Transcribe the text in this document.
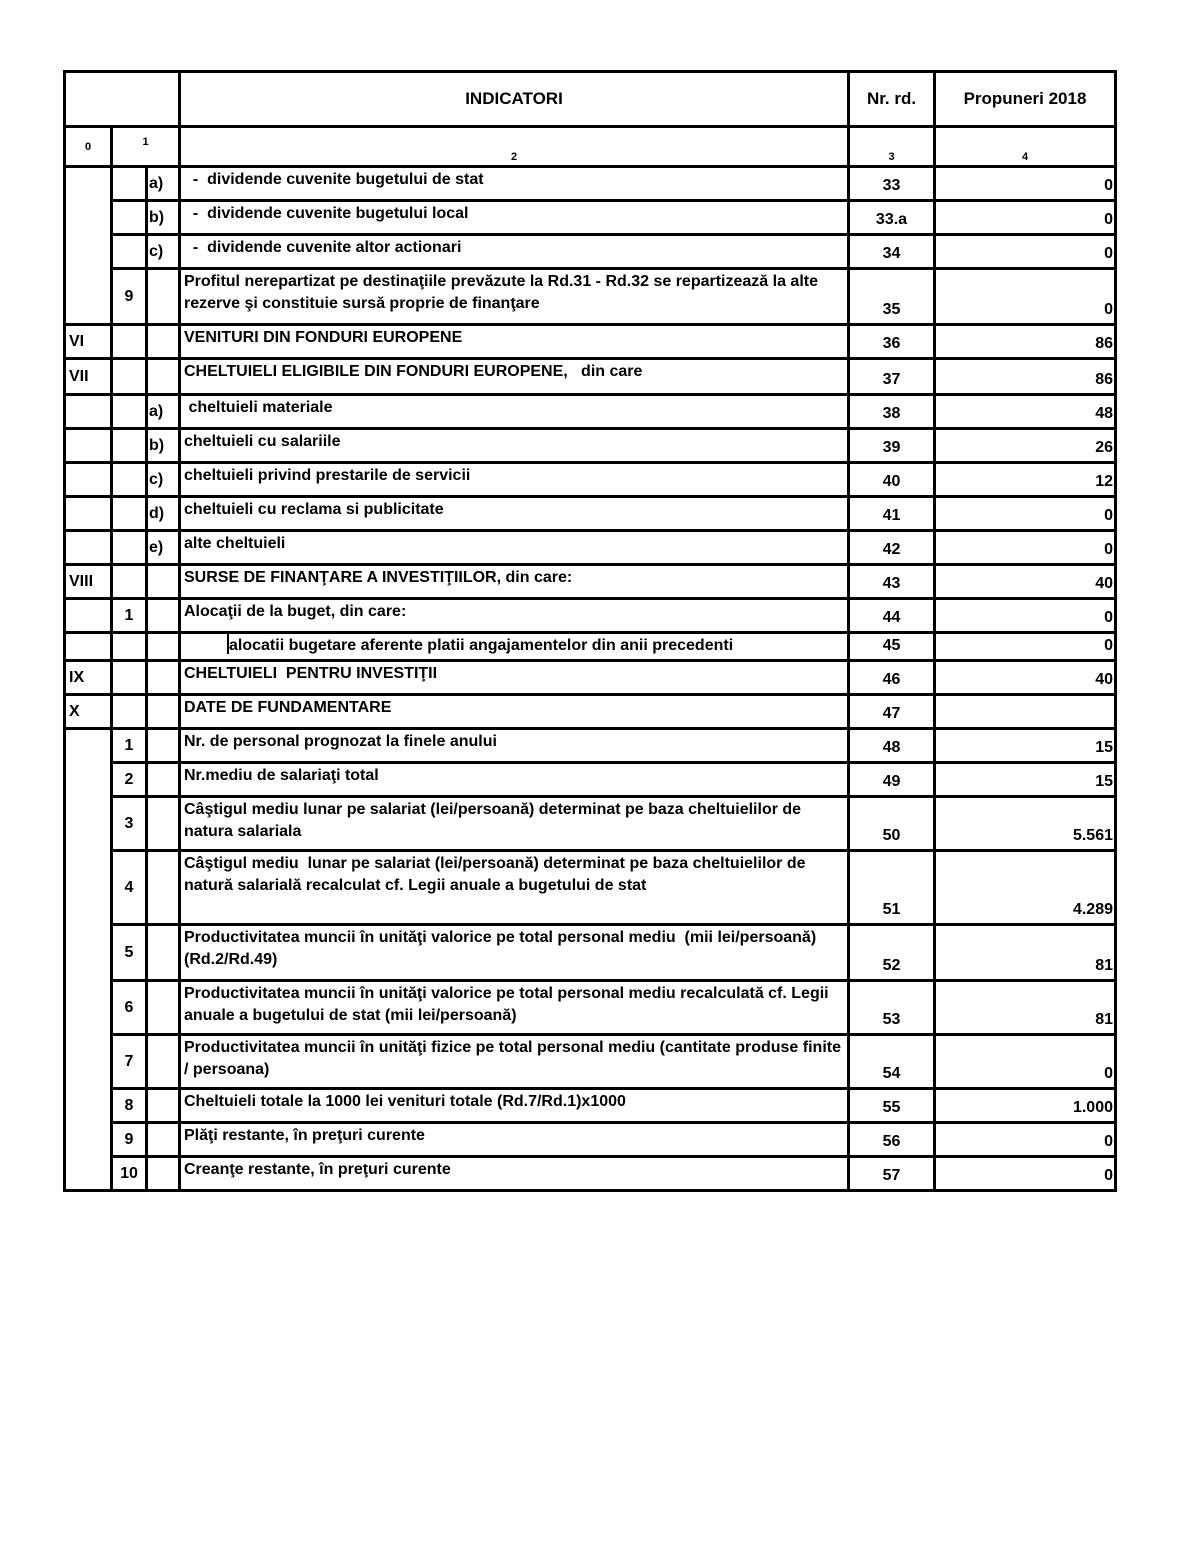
			INDICATORI	Nr. rd.	Propuneri 2018
0	1		2	3	4
		a)	-  dividende cuvenite bugetului de stat	33	0
		b)	-  dividende cuvenite bugetului local	33.a	0
		c)	-  dividende cuvenite altor actionari	34	0
	9		Profitul nerepartizat pe destinaţiile prevăzute la Rd.31 - Rd.32 se repartizează la alte rezerve şi constituie sursă proprie de finanţare	35	0
VI			VENITURI DIN FONDURI EUROPENE	36	86
VII			CHELTUIELI ELIGIBILE DIN FONDURI EUROPENE,   din care	37	86
		a)	cheltuieli materiale	38	48
		b)	cheltuieli cu salariile	39	26
		c)	cheltuieli privind prestarile de servicii	40	12
		d)	cheltuieli cu reclama si publicitate	41	0
		e)	alte cheltuieli	42	0
VIII			SURSE DE FINANŢARE A INVESTIŢIILOR, din care:	43	40
	1		Alocaţii de la buget, din care:	44	0
			alocatii bugetare aferente platii angajamentelor din anii precedenti	45	0
IX			CHELTUIELI  PENTRU INVESTIŢII	46	40
X			DATE DE FUNDAMENTARE	47	
	1		Nr. de personal prognozat la finele anului	48	15
	2		Nr.mediu de salariaţi total	49	15
	3		Câştigul mediu lunar pe salariat (lei/persoană) determinat pe baza cheltuielilor de natura salariala	50	5.561
	4		Câştigul mediu  lunar pe salariat (lei/persoană) determinat pe baza cheltuielilor de natură salarială recalculat cf. Legii anuale a bugetului de stat	51	4.289
	5		Productivitatea muncii în unităţi valorice pe total personal mediu  (mii lei/persoană) (Rd.2/Rd.49)	52	81
	6		Productivitatea muncii în unităţi valorice pe total personal mediu recalculată cf. Legii anuale a bugetului de stat (mii lei/persoană)	53	81
	7		Productivitatea muncii în unităţi fizice pe total personal mediu (cantitate produse finite / persoana)	54	0
	8		Cheltuieli totale la 1000 lei venituri totale (Rd.7/Rd.1)x1000	55	1.000
	9		Plăţi restante, în preţuri curente	56	0
	10		Creanţe restante, în preţuri curente	57	0
